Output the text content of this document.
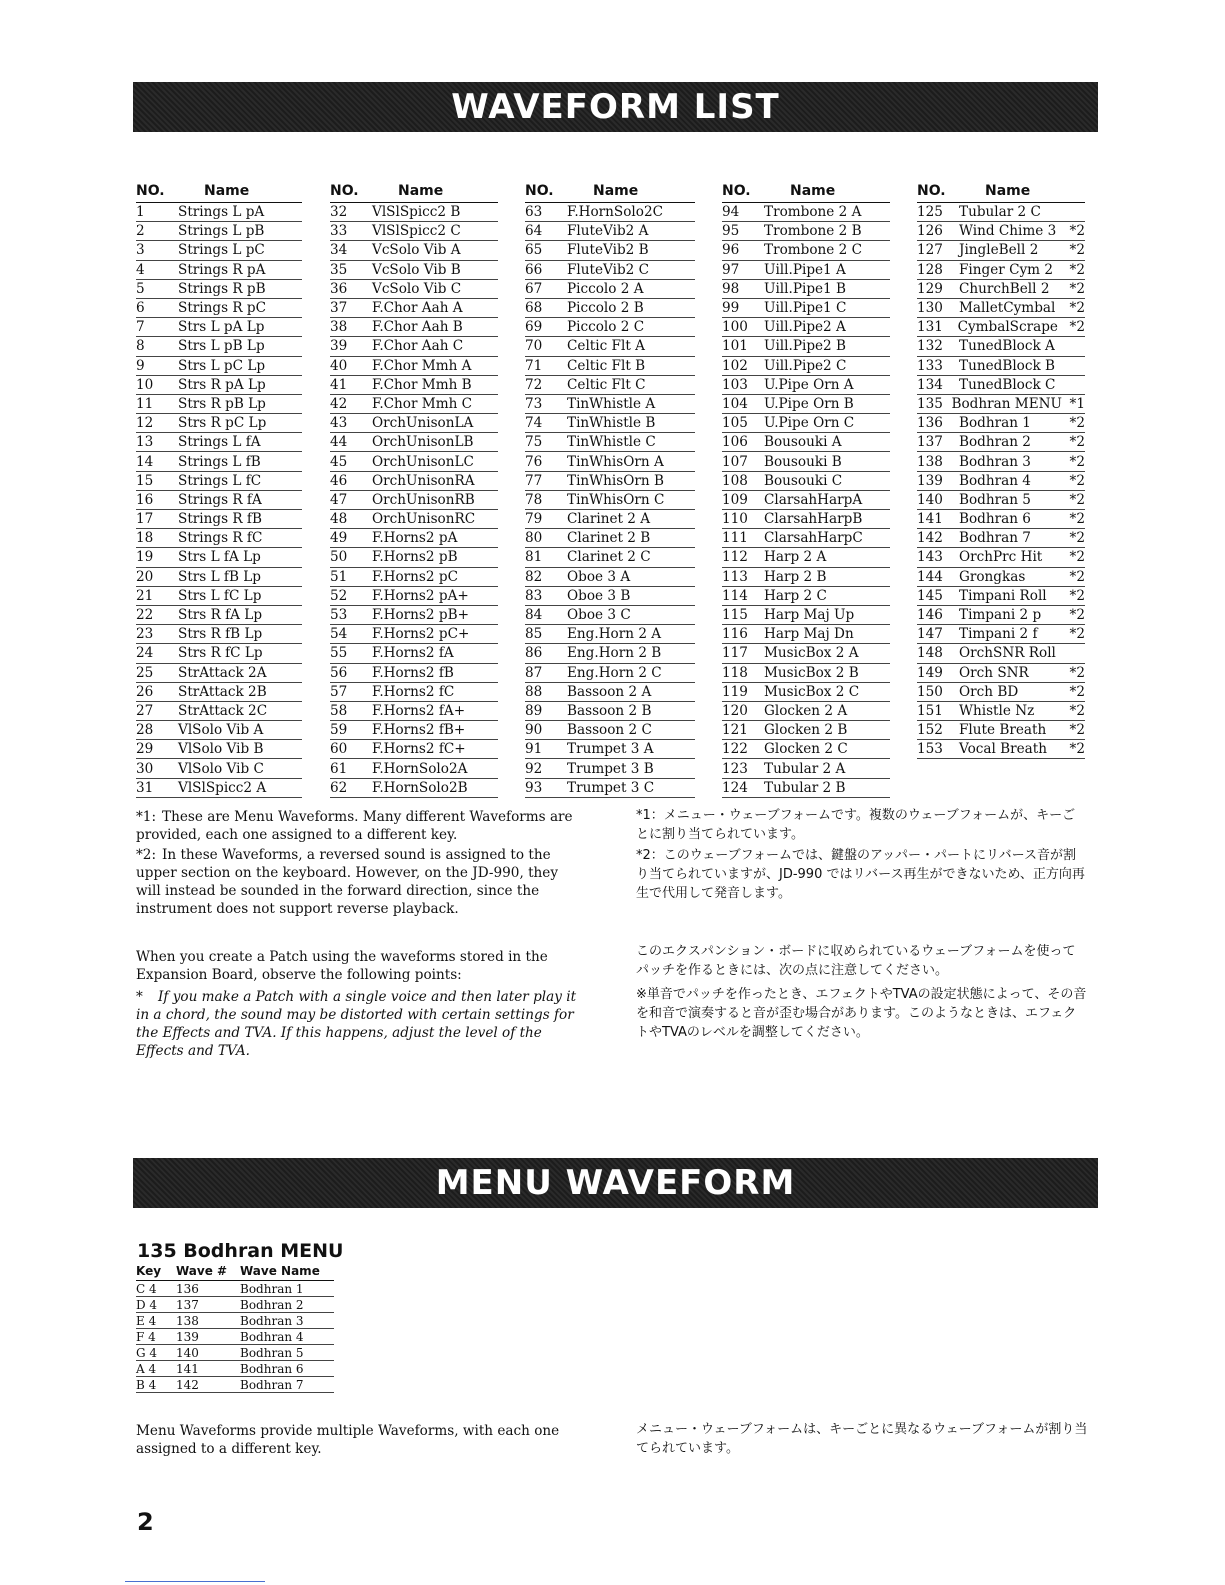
WAVEFORM LIST
NO.	Name
1	Strings L pA
2	Strings L pB
3	Strings L pC
4	Strings R pA
5	Strings R pB
6	Strings R pC
7	Strs L pA Lp
8	Strs L pB Lp
9	Strs L pC Lp
10	Strs R pA Lp
11	Strs R pB Lp
12	Strs R pC Lp
13	Strings L fA
14	Strings L fB
15	Strings L fC
16	Strings R fA
17	Strings R fB
18	Strings R fC
19	Strs L fA Lp
20	Strs L fB Lp
21	Strs L fC Lp
22	Strs R fA Lp
23	Strs R fB Lp
24	Strs R fC Lp
25	StrAttack 2A
26	StrAttack 2B
27	StrAttack 2C
28	VlSolo Vib A
29	VlSolo Vib B
30	VlSolo Vib C
31	VlSlSpicc2 A
NO.	Name
32	VlSlSpicc2 B
33	VlSlSpicc2 C
34	VcSolo Vib A
35	VcSolo Vib B
36	VcSolo Vib C
37	F.Chor Aah A
38	F.Chor Aah B
39	F.Chor Aah C
40	F.Chor Mmh A
41	F.Chor Mmh B
42	F.Chor Mmh C
43	OrchUnisonLA
44	OrchUnisonLB
45	OrchUnisonLC
46	OrchUnisonRA
47	OrchUnisonRB
48	OrchUnisonRC
49	F.Horns2 pA
50	F.Horns2 pB
51	F.Horns2 pC
52	F.Horns2 pA+
53	F.Horns2 pB+
54	F.Horns2 pC+
55	F.Horns2 fA
56	F.Horns2 fB
57	F.Horns2 fC
58	F.Horns2 fA+
59	F.Horns2 fB+
60	F.Horns2 fC+
61	F.HornSolo2A
62	F.HornSolo2B
NO.	Name
63	F.HornSolo2C
64	FluteVib2 A
65	FluteVib2 B
66	FluteVib2 C
67	Piccolo 2 A
68	Piccolo 2 B
69	Piccolo 2 C
70	Celtic Flt A
71	Celtic Flt B
72	Celtic Flt C
73	TinWhistle A
74	TinWhistle B
75	TinWhistle C
76	TinWhisOrn A
77	TinWhisOrn B
78	TinWhisOrn C
79	Clarinet 2 A
80	Clarinet 2 B
81	Clarinet 2 C
82	Oboe 3 A
83	Oboe 3 B
84	Oboe 3 C
85	Eng.Horn 2 A
86	Eng.Horn 2 B
87	Eng.Horn 2 C
88	Bassoon 2 A
89	Bassoon 2 B
90	Bassoon 2 C
91	Trumpet 3 A
92	Trumpet 3 B
93	Trumpet 3 C
NO.	Name
94	Trombone 2 A
95	Trombone 2 B
96	Trombone 2 C
97	Uill.Pipe1 A
98	Uill.Pipe1 B
99	Uill.Pipe1 C
100	Uill.Pipe2 A
101	Uill.Pipe2 B
102	Uill.Pipe2 C
103	U.Pipe Orn A
104	U.Pipe Orn B
105	U.Pipe Orn C
106	Bousouki A
107	Bousouki B
108	Bousouki C
109	ClarsahHarpA
110	ClarsahHarpB
111	ClarsahHarpC
112	Harp 2 A
113	Harp 2 B
114	Harp 2 C
115	Harp Maj Up
116	Harp Maj Dn
117	MusicBox 2 A
118	MusicBox 2 B
119	MusicBox 2 C
120	Glocken 2 A
121	Glocken 2 B
122	Glocken 2 C
123	Tubular 2 A
124	Tubular 2 B
NO.	Name
125	Tubular 2 C
126	Wind Chime 3 *2
127	JingleBell 2	*2
128	Finger Cym 2	*2
129	ChurchBell 2	*2
130	MalletCymbal	*2
131	CymbalScrape *2
132	TunedBlock A
133	TunedBlock B
134	TunedBlock C
135 Bodhran MENU *1
136	Bodhran 1	*2
137	Bodhran 2	*2
138	Bodhran 3	*2
139	Bodhran 4	*2
140	Bodhran 5	*2
141	Bodhran 6	*2
142	Bodhran 7	*2
143	OrchPrc Hit	*2
144	Grongkas	*2
145	Timpani Roll	*2
146	Timpani 2 p	*2
147	Timpani 2 f	*2
148	OrchSNR Roll
149	Orch SNR	*2
150	Orch BD	*2
151	Whistle Nz	*2
152	Flute Breath	*2
153	Vocal Breath	*2
*1: These are Menu Waveforms. Many different Waveforms are provided, each one assigned to a different key.
*2: In these Waveforms, a reversed sound is assigned to the upper section on the keyboard. However, on the JD-990, they will instead be sounded in the forward direction, since the instrument does not support reverse playback.
When you create a Patch using the waveforms stored in the Expansion Board, observe the following points:
* If you make a Patch with a single voice and then later play it in a chord, the sound may be distorted with certain settings for the Effects and TVA. If this happens, adjust the level of the Effects and TVA.
*1：メニュー・ウェーブフォームです。複数のウェーブフォームが、キーごとに割り当てられています。
*2：このウェーブフォームでは、鍵盤のアッパー・パートにリバース音が割り当てられていますが、JD-990 ではリバース再生ができないため、正方向再生で代用して発音します。
このエクスパンション・ボードに収められているウェーブフォームを使ってパッチを作るときには、次の点に注意してください。
※単音でパッチを作ったとき、エフェクトやTVAの設定状態によって、その音を和音で演奏すると音が歪む場合があります。このようなときは、エフェクトやTVAのレベルを調整してください。
MENU WAVEFORM
135 Bodhran MENU
Key	Wave #	Wave Name
C 4	136	Bodhran 1
D 4	137	Bodhran 2
E 4	138	Bodhran 3
F 4	139	Bodhran 4
G 4	140	Bodhran 5
A 4	141	Bodhran 6
B 4	142	Bodhran 7
Menu Waveforms provide multiple Waveforms, with each one assigned to a different key.
メニュー・ウェーブフォームは、キーごとに異なるウェーブフォームが割り当てられています。
2
